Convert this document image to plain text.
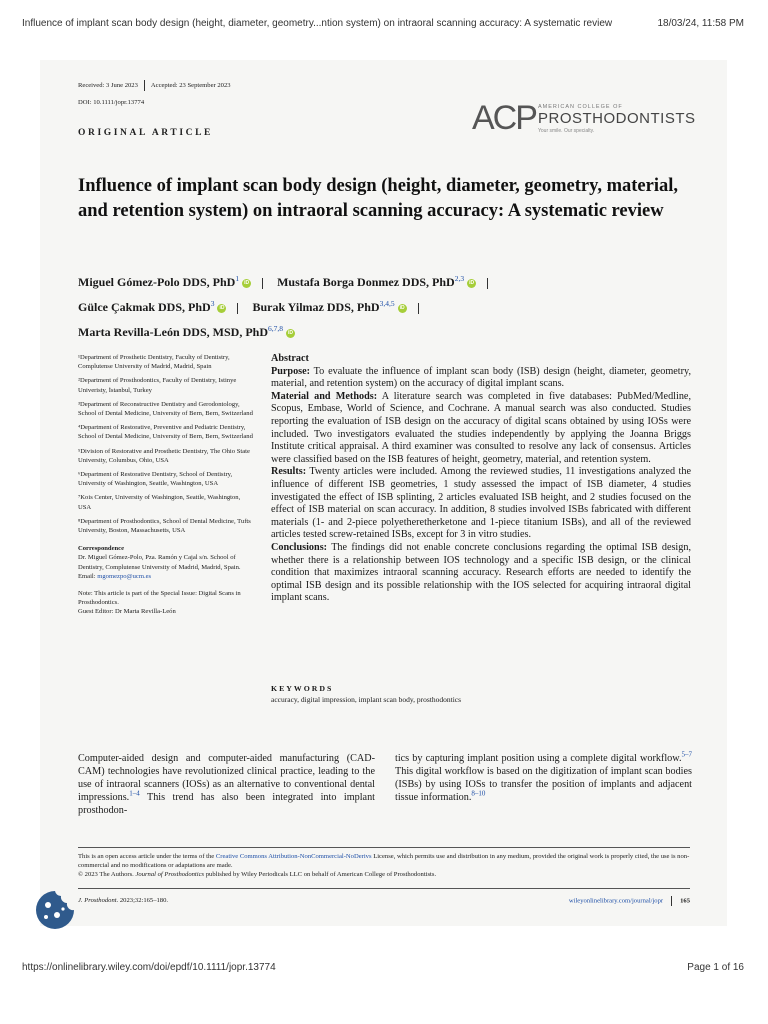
Influence of implant scan body design (height, diameter, geometry...ntion system) on intraoral scanning accuracy: A systematic review	18/03/24, 11:58 PM
Received: 3 June 2023 Accepted: 23 September 2023
DOI: 10.1111/jopr.13774
ORIGINAL ARTICLE	ACP AMERICAN COLLEGE OF
PROSTHODONTISTS
Your smile. Our specialty.
Influence of implant scan body design (height, diameter, geometry, material, and retention system) on intraoral scanning accuracy: A systematic review
Miguel Gómez-Polo DDS, PhD$^1$ iD Mustafa Borga Donmez DDS, PhD$^{2,3}$ iD
Gülce Çakmak DDS, PhD$^3$ iD Burak Yilmaz DDS, PhD$^{3,4,5}$ iD
Marta Revilla-León DDS, MSD, PhD$^{6,7,8}$ iD

¹Department of Prosthetic Dentistry, Faculty of Dentistry, Complutense University of Madrid, Madrid, Spain

²Department of Prosthodontics, Faculty of Dentistry, Istinye Univeristy, İstanbul, Turkey

³Department of Reconstructive Dentistry and Gerodontology, School of Dental Medicine, University of Bern, Bern, Switzerland

⁴Department of Restorative, Preventive and Pediatric Dentistry, School of Dental Medicine, University of Bern, Bern, Switzerland

⁵Division of Restorative and Prosthetic Dentistry, The Ohio State University, Columbus, Ohio, USA

⁶Department of Restorative Dentistry, School of Dentistry, University of Washington, Seattle, Washington, USA

⁷Kois Center, University of Washington, Seattle, Washington, USA

⁸Department of Prosthodontics, School of Dental Medicine, Tufts University, Boston, Massachusetts, USA

Correspondence
Dr. Miguel Gómez-Polo, Pza. Ramón y Cajal s/n. School of Dentistry, Complutense University of Madrid, Madrid, Spain.
Email: mgomezpo@ucm.es
Note: This article is part of the Special Issue: Digital Scans in Prosthodontics.
Guest Editor: Dr Marta Revilla-León
Abstract

Purpose: To evaluate the influence of implant scan body (ISB) design (height, diameter, geometry, material, and retention system) on the accuracy of digital implant scans.

Material and Methods: A literature search was completed in five databases: PubMed/Medline, Scopus, Embase, World of Science, and Cochrane. A manual search was also conducted. Studies reporting the evaluation of ISB design on the accuracy of digital scans obtained by using IOSs were included. Two investigators evaluated the studies independently by applying the Joanna Briggs Institute critical appraisal. A third examiner was consulted to resolve any lack of consensus. Articles were classified based on the ISB features of height, geometry, material, and retention system.

Results: Twenty articles were included. Among the reviewed studies, 11 investigations analyzed the influence of different ISB geometries, 1 study assessed the impact of ISB diameter, 4 studies investigated the effect of ISB splinting, 2 articles evaluated ISB height, and 2 studies focused on the effect of ISB material on scan accuracy. In addition, 8 studies involved ISBs fabricated with different materials (1- and 2-piece polyetheretherketone and 1-piece titanium ISBs), and all of the reviewed articles tested screw-retained ISBs, except for 3 in vitro studies.

Conclusions: The findings did not enable concrete conclusions regarding the optimal ISB design, whether there is a relationship between IOS technology and a specific ISB design, or the clinical condition that maximizes intraoral scanning accuracy. Research efforts are needed to identify the optimal ISB design and its possible relationship with the IOS selected for acquiring intraoral digital implant scans.

KEYWORDS
accuracy, digital impression, implant scan body, prosthodontics
Computer-aided design and computer-aided manufacturing (CAD-CAM) technologies have revolutionized clinical practice, leading to the use of intraoral scanners (IOSs) as an alternative to conventional dental impressions.$^{1-4}$ This trend has also been integrated into implant prosthodon-
tics by capturing implant position using a complete digital workflow.$^{5-7}$ This digital workflow is based on the digitization of implant scan bodies (ISBs) by using IOSs to transfer the position of implants and adjacent tissue information.$^{8-10}$

This is an open access article under the terms of the Creative Commons Attribution-NonCommercial-NoDerivs License, which permits use and distribution in any medium, provided the original work is properly cited, the use is non-commercial and no modifications or adaptations are made.

© 2023 The Authors. Journal of Prosthodontics published by Wiley Periodicals LLC on behalf of American College of Prosthodontists.

J. Prosthodont. 2023;32:165–180.	wileyonlinelibrary.com/journal/jopr	165
https://onlinelibrary.wiley.com/doi/epdf/10.1111/jopr.13774	Page 1 of 16
